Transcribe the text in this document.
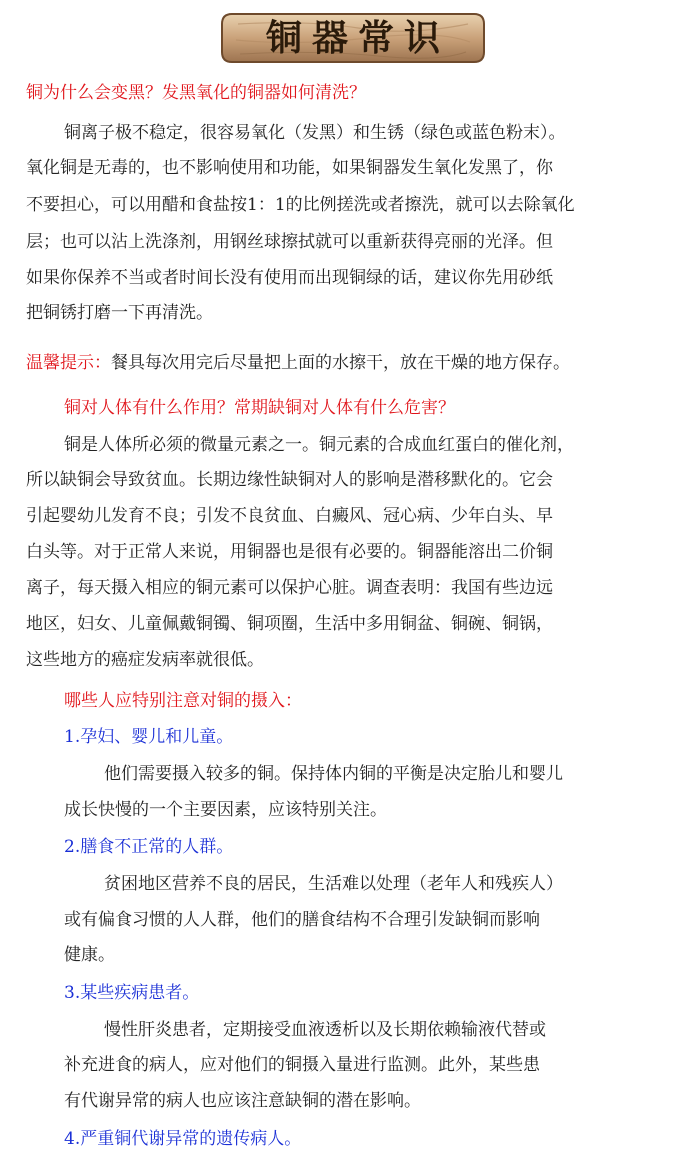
铜器常识
铜为什么会变黑？发黑氧化的铜器如何清洗？
铜离子极不稳定，很容易氧化（发黑）和生锈（绿色或蓝色粉末）。
氧化铜是无毒的，也不影响使用和功能，如果铜器发生氧化发黑了，你
不要担心，可以用醋和食盐按1：1的比例搓洗或者擦洗，就可以去除氧化
层；也可以沾上洗涤剂，用钢丝球擦拭就可以重新获得亮丽的光泽。但
如果你保养不当或者时间长没有使用而出现铜绿的话，建议你先用砂纸
把铜锈打磨一下再清洗。
温馨提示：餐具每次用完后尽量把上面的水擦干，放在干燥的地方保存。
铜对人体有什么作用？常期缺铜对人体有什么危害？
铜是人体所必须的微量元素之一。铜元素的合成血红蛋白的催化剂，
所以缺铜会导致贫血。长期边缘性缺铜对人的影响是潜移默化的。它会
引起婴幼儿发育不良；引发不良贫血、白癜风、冠心病、少年白头、早
白头等。对于正常人来说，用铜器也是很有必要的。铜器能溶出二价铜
离子，每天摄入相应的铜元素可以保护心脏。调查表明：我国有些边远
地区，妇女、儿童佩戴铜镯、铜项圈，生活中多用铜盆、铜碗、铜锅，
这些地方的癌症发病率就很低。
哪些人应特别注意对铜的摄入：
1.孕妇、婴儿和儿童。
他们需要摄入较多的铜。保持体内铜的平衡是决定胎儿和婴儿
成长快慢的一个主要因素，应该特别关注。
2.膳食不正常的人群。
贫困地区营养不良的居民，生活难以处理（老年人和残疾人）
或有偏食习惯的人人群，他们的膳食结构不合理引发缺铜而影响
健康。
3.某些疾病患者。
慢性肝炎患者，定期接受血液透析以及长期依赖输液代替或
补充进食的病人，应对他们的铜摄入量进行监测。此外，某些患
有代谢异常的病人也应该注意缺铜的潜在影响。
4.严重铜代谢异常的遗传病人。
